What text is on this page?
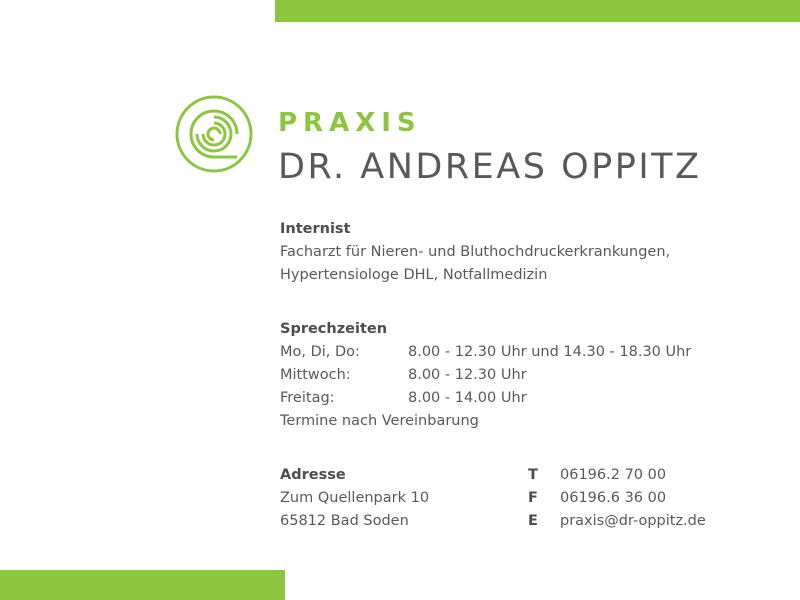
PRAXIS
DR. ANDREAS OPPITZ
Internist
Facharzt für Nieren- und Bluthochdruckerkrankungen,
Hypertensiologe DHL, Notfallmedizin
Sprechzeiten
Mo, Di, Do:	8.00 - 12.30 Uhr und 14.30 - 18.30 Uhr
Mittwoch:	8.00 - 12.30 Uhr
Freitag:	8.00 - 14.00 Uhr
Termine nach Vereinbarung
Adresse
Zum Quellenpark 10
65812 Bad Soden
T	06196.2 70 00
F	06196.6 36 00
E	praxis@dr-oppitz.de
